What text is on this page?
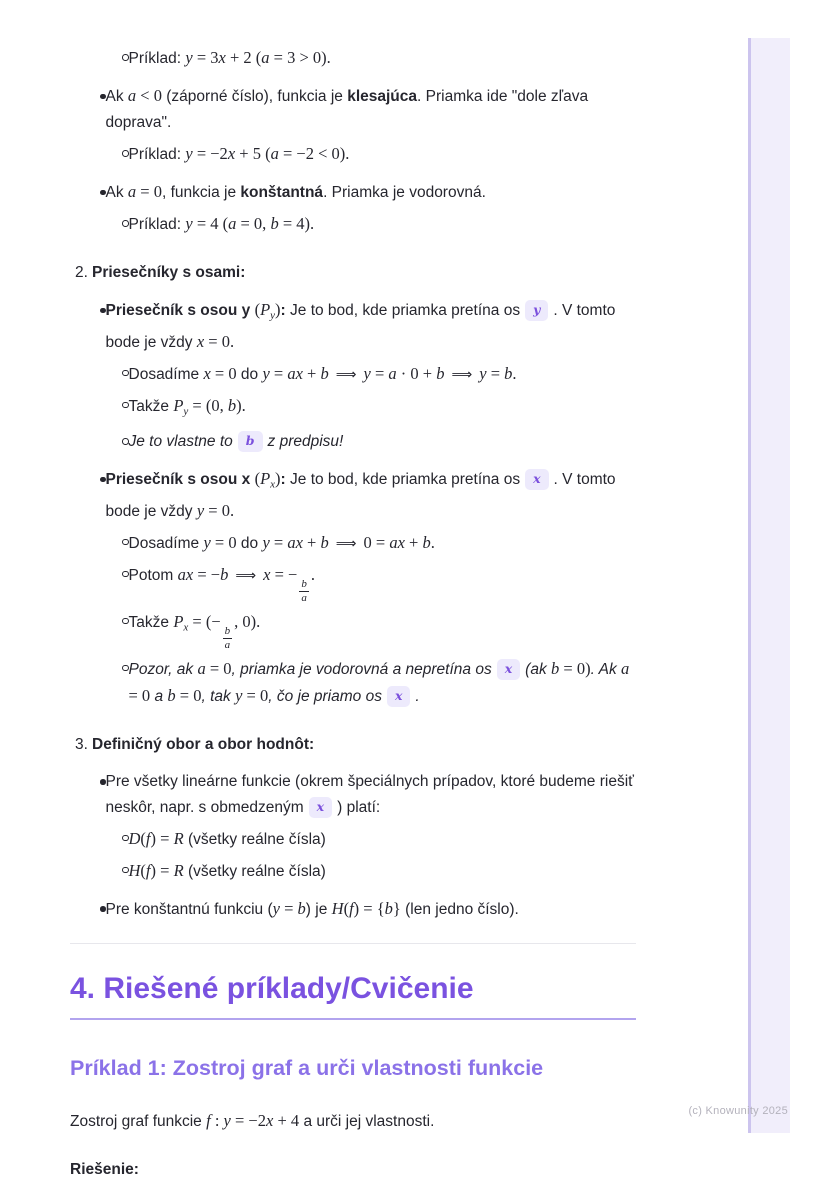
Príklad: y = 3x + 2 (a = 3 > 0).
Ak a < 0 (záporné číslo), funkcia je klesajúca. Priamka ide "dole zľava doprava".
Príklad: y = −2x + 5 (a = −2 < 0).
Ak a = 0, funkcia je konštantná. Priamka je vodorovná.
Príklad: y = 4 (a = 0, b = 4).
2. Priesečníky s osami:
Priesečník s osou y $(P_y)$: Je to bod, kde priamka pretína os y . V tomto bode je vždy x = 0.
Dosadíme x = 0 do y = ax + b ⟹ y = a · 0 + b ⟹ y = b.
Takže $P_y = (0$, b).
Je to vlastne to b z predpisu!
Priesečník s osou x $(P_x)$: Je to bod, kde priamka pretína os x . V tomto bode je vždy y = 0.
Dosadíme y = 0 do y = ax + b ⟹ 0 = ax + b.
Potom ax = −b ⟹ x = −
$\frac{b}{a}$
.
Takže $P_x$ = (−
$\frac{b}{a}$
, 0).
Pozor, ak a = 0, priamka je vodorovná a nepretína os x (ak b = 0). Ak a = 0 a b = 0, tak y = 0, čo je priamo os x .
3. Definičný obor a obor hodnôt:
Pre všetky lineárne funkcie (okrem špeciálnych prípadov, ktoré budeme riešiť neskôr, napr. s obmedzeným x ) platí:
D(f) = R (všetky reálne čísla)
H(f) = R (všetky reálne čísla)
Pre konštantnú funkciu (y = b) je H(f) = {b} (len jedno číslo).
4. Riešené príklady/Cvičenie
Príklad 1: Zostroj graf a urči vlastnosti funkcie
Zostroj graf funkcie f : y = −2x + 4 a urči jej vlastnosti.
Riešenie:
(c) Knowunity 2025
